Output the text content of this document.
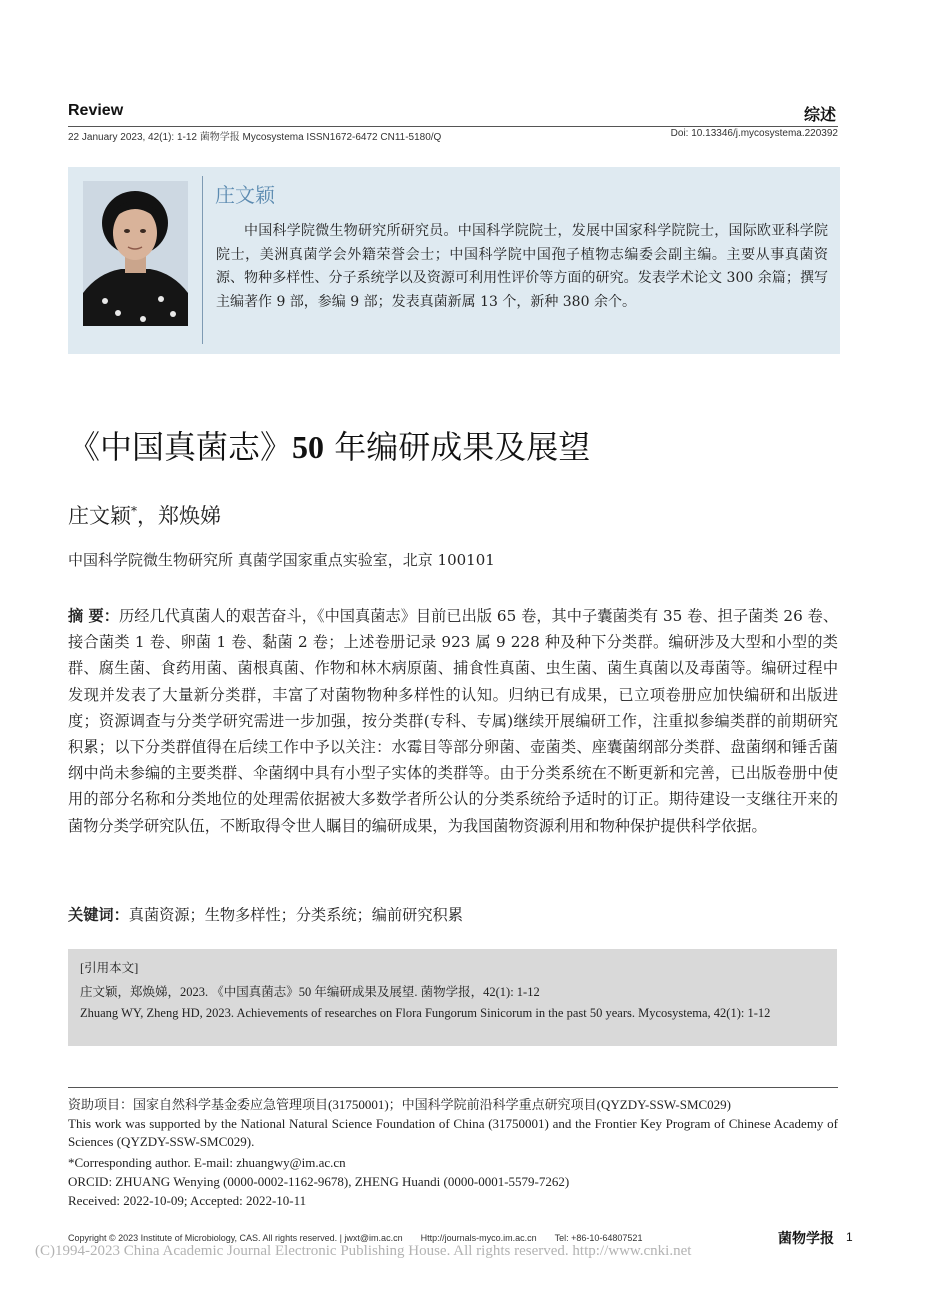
Review	综述
22 January 2023, 42(1): 1-12 菌物学报 Mycosystema ISSN1672-6472 CN11-5180/Q	Doi: 10.13346/j.mycosystema.220392
庄文颖
中国科学院微生物研究所研究员。中国科学院院士，发展中国家科学院院士，国际欧亚科学院院士，美洲真菌学会外籍荣誉会士；中国科学院中国孢子植物志编委会副主编。主要从事真菌资源、物种多样性、分子系统学以及资源可利用性评价等方面的研究。发表学术论文 300 余篇；撰写主编著作 9 部，参编 9 部；发表真菌新属 13 个，新种 380 余个。
《中国真菌志》50 年编研成果及展望
庄文颖*，郑焕娣
中国科学院微生物研究所 真菌学国家重点实验室，北京 100101
摘 要：历经几代真菌人的艰苦奋斗，《中国真菌志》目前已出版 65 卷，其中子囊菌类有 35 卷、担子菌类 26 卷、接合菌类 1 卷、卵菌 1 卷、黏菌 2 卷；上述卷册记录 923 属 9 228 种及种下分类群。编研涉及大型和小型的类群、腐生菌、食药用菌、菌根真菌、作物和林木病原菌、捕食性真菌、虫生菌、菌生真菌以及毒菌等。编研过程中发现并发表了大量新分类群，丰富了对菌物物种多样性的认知。归纳已有成果，已立项卷册应加快编研和出版进度；资源调查与分类学研究需进一步加强，按分类群(专科、专属)继续开展编研工作，注重拟参编类群的前期研究积累；以下分类群值得在后续工作中予以关注：水霉目等部分卵菌、壶菌类、座囊菌纲部分类群、盘菌纲和锤舌菌纲中尚未参编的主要类群、伞菌纲中具有小型子实体的类群等。由于分类系统在不断更新和完善，已出版卷册中使用的部分名称和分类地位的处理需依据被大多数学者所公认的分类系统给予适时的订正。期待建设一支继往开来的菌物分类学研究队伍，不断取得令世人瞩目的编研成果，为我国菌物资源利用和物种保护提供科学依据。
关键词：真菌资源；生物多样性；分类系统；编前研究积累
[引用本文]
庄文颖，郑焕娣，2023. 《中国真菌志》50 年编研成果及展望. 菌物学报，42(1): 1-12
Zhuang WY, Zheng HD, 2023. Achievements of researches on Flora Fungorum Sinicorum in the past 50 years. Mycosystema, 42(1): 1-12
资助项目：国家自然科学基金委应急管理项目(31750001)；中国科学院前沿科学重点研究项目(QYZDY-SSW-SMC029)
This work was supported by the National Natural Science Foundation of China (31750001) and the Frontier Key Program of Chinese Academy of Sciences (QYZDY-SSW-SMC029).
*Corresponding author. E-mail: zhuangwy@im.ac.cn
ORCID: ZHUANG Wenying (0000-0002-1162-9678), ZHENG Huandi (0000-0001-5579-7262)
Received: 2022-10-09; Accepted: 2022-10-11
Copyright © 2023 Institute of Microbiology, CAS. All rights reserved. | jwxt@im.ac.cn Http://journals-myco.im.ac.cn Tel: +86-10-64807521	菌物学报 1
(C)1994-2023 China Academic Journal Electronic Publishing House. All rights reserved. http://www.cnki.net
